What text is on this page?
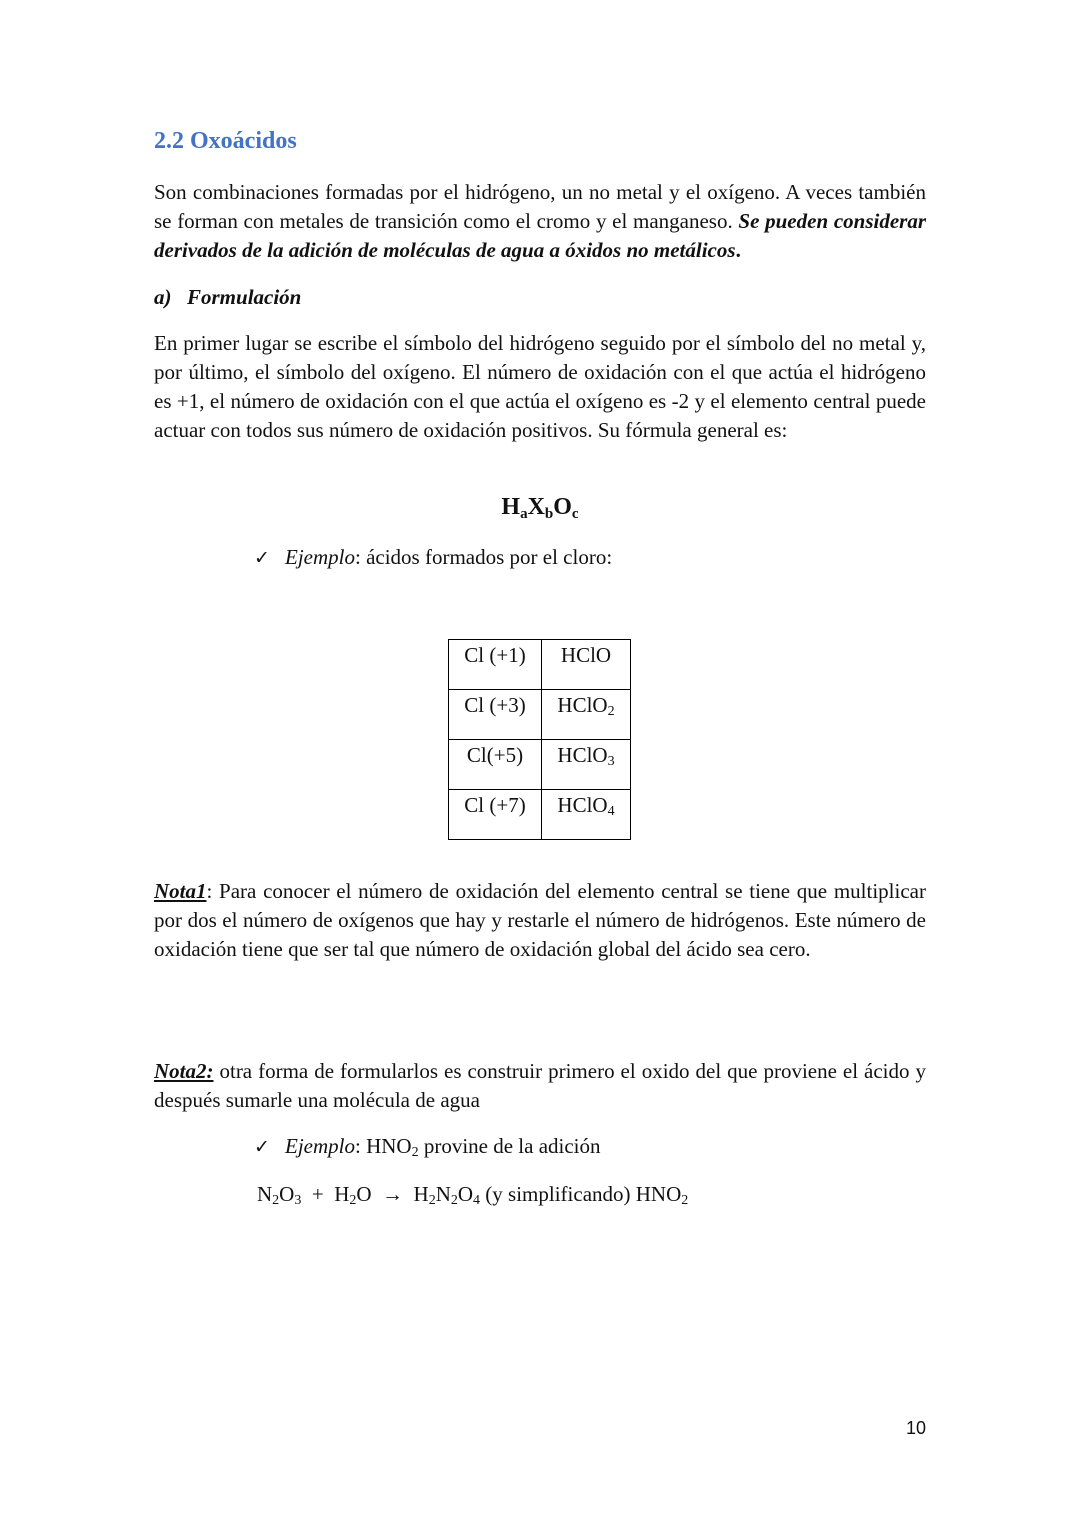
2.2 Oxoácidos
Son combinaciones formadas por el hidrógeno, un no metal y el oxígeno. A veces también se forman con metales de transición como el cromo y el manganeso. Se pueden considerar derivados de la adición de moléculas de agua a óxidos no metálicos.
a) Formulación
En primer lugar se escribe el símbolo del hidrógeno seguido por el símbolo del no metal y, por último, el símbolo del oxígeno. El número de oxidación con el que actúa el hidrógeno es +1, el número de oxidación con el que actúa el oxígeno es -2 y el elemento central puede actuar con todos sus número de oxidación positivos. Su fórmula general es:
$H_aX_bO_c$
✓ Ejemplo: ácidos formados por el cloro:
Cl (+1)	HClO
Cl (+3)	HClO$_2$
Cl(+5)	HClO$_3$
Cl (+7)	HClO$_4$
Nota1: Para conocer el número de oxidación del elemento central se tiene que multiplicar por dos el número de oxígenos que hay y restarle el número de hidrógenos. Este número de oxidación tiene que ser tal que número de oxidación global del ácido sea cero.
Nota2: otra forma de formularlos es construir primero el oxido del que proviene el ácido y después sumarle una molécula de agua
✓ Ejemplo: $HNO_2$ provine de la adición
$N_2O_3 + H_2O \to H_2N_2O_4$ (y simplificando) $HNO_2$
10
